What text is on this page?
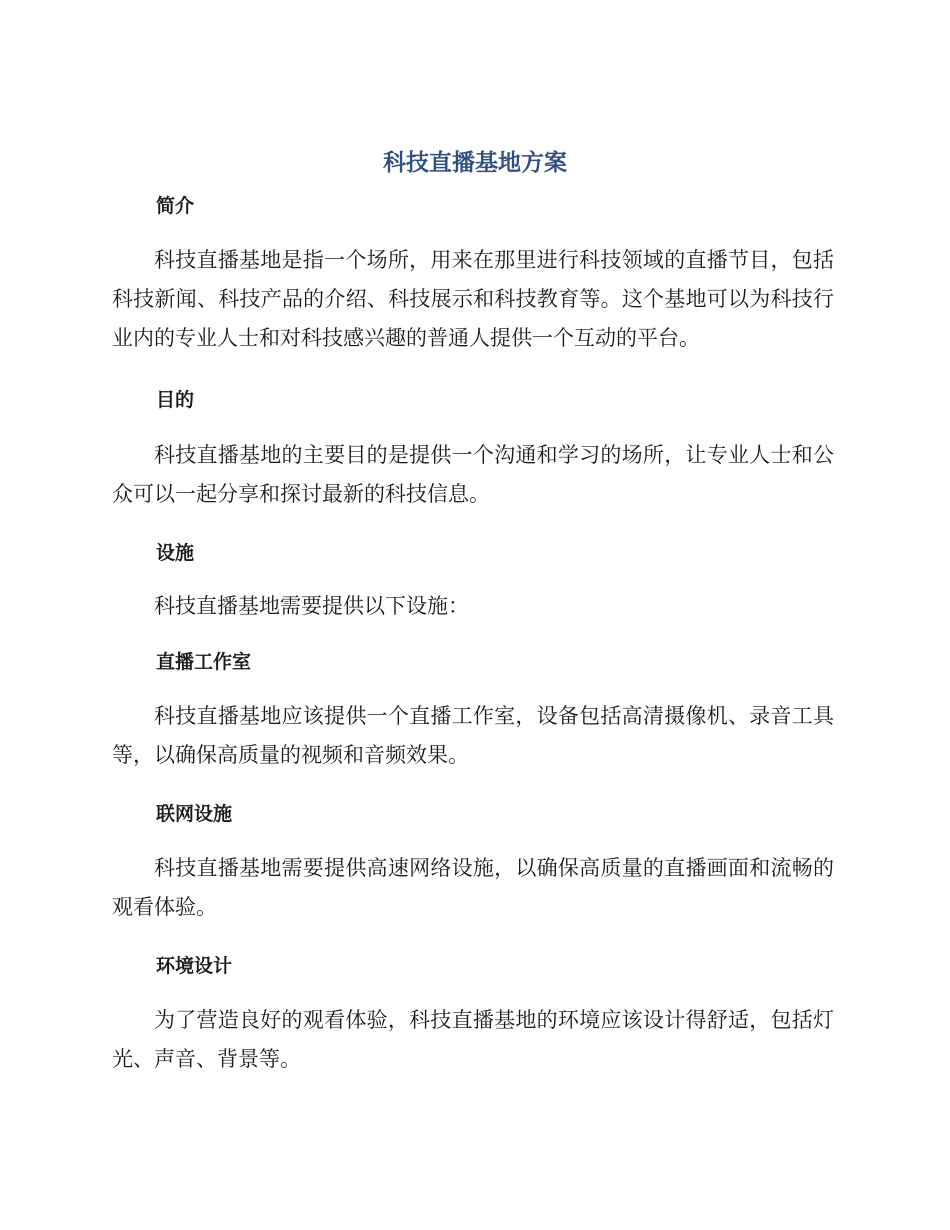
科技直播基地方案
简介

科技直播基地是指一个场所，用来在那里进行科技领域的直播节目，包括科技新闻、科技产品的介绍、科技展示和科技教育等。这个基地可以为科技行业内的专业人士和对科技感兴趣的普通人提供一个互动的平台。

目的

科技直播基地的主要目的是提供一个沟通和学习的场所，让专业人士和公众可以一起分享和探讨最新的科技信息。

设施

科技直播基地需要提供以下设施：

直播工作室

科技直播基地应该提供一个直播工作室，设备包括高清摄像机、录音工具等，以确保高质量的视频和音频效果。

联网设施

科技直播基地需要提供高速网络设施，以确保高质量的直播画面和流畅的观看体验。

环境设计

为了营造良好的观看体验，科技直播基地的环境应该设计得舒适，包括灯光、声音、背景等。
